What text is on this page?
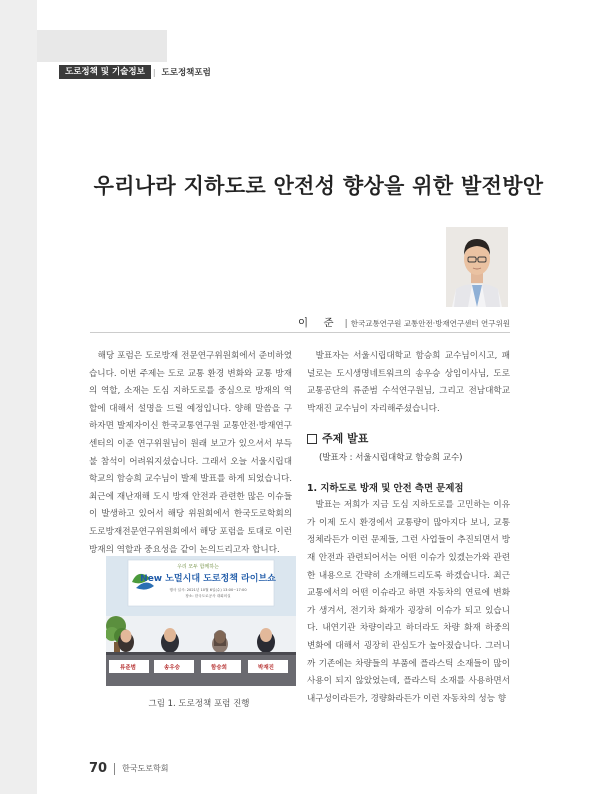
도로정책 및 기술정보	| 도로정책포럼
우리나라 지하도로 안전성 향상을 위한 발전방안
이 준 | 한국교통연구원 교통안전·방재연구센터 연구위원

해당 포럼은 도로방재 전문연구위원회에서 준비하였습니다. 이번 주제는 도로 교통 환경 변화와 교통 방재의 역할, 소재는 도심 지하도로를 중심으로 방재의 역할에 대해서 설명을 드릴 예정입니다. 양해 말씀을 구하자면 발제자이신 한국교통연구원 교통안전·방재연구센터의 이준 연구위원님이 원래 보고가 있으셔서 부득불 참석이 어려워지셨습니다. 그래서 오늘 서울시립대학교의 함승희 교수님이 발제 발표를 하게 되었습니다. 최근에 재난재해 도시 방재 안전과 관련한 많은 이슈들이 발생하고 있어서 해당 위원회에서 한국도로학회의 도로방재전문연구위원회에서 해당 포럼을 토대로 이런 방재의 역할과 중요성을 같이 논의드리고자 합니다.

우리 모두 함께하는
New 노멀시대 도로정책 라이브쇼
행사 일시: 2021년 10월 6일(수) 13:00~17:00
장소: 한국도로공사 대회의실
류준범	송우승	함승희	박재진
그림 1. 도로정책 포럼 진행

발표자는 서울시립대학교 함승희 교수님이시고, 패널로는 도시생명네트워크의 송우승 상임이사님, 도로교통공단의 류준범 수석연구원님, 그리고 전남대학교 박재진 교수님이 자리해주셨습니다.

주제 발표
(발표자 : 서울시립대학교 함승희 교수)
1. 지하도로 방재 및 안전 측면 문제점

발표는 저희가 지금 도심 지하도로를 고민하는 이유가 이제 도시 환경에서 교통량이 많아지다 보니, 교통정체라든가 이런 문제들, 그런 사업들이 추진되면서 방재 안전과 관련되어서는 어떤 이슈가 있겠는가와 관련한 내용으로 간략히 소개해드리도록 하겠습니다. 최근 교통에서의 어떤 이슈라고 하면 자동차의 연료에 변화가 생겨서, 전기차 화재가 굉장히 이슈가 되고 있습니다. 내연기관 차량이라고 하더라도 차량 화재 하중의 변화에 대해서 굉장히 관심도가 높아졌습니다. 그러니까 기존에는 차량들의 부품에 플라스틱 소재들이 많이 사용이 되지 않았었는데, 플라스틱 소재를 사용하면서 내구성이라든가, 경량화라든가 이런 자동차의 성능 향

70 한국도로학회
